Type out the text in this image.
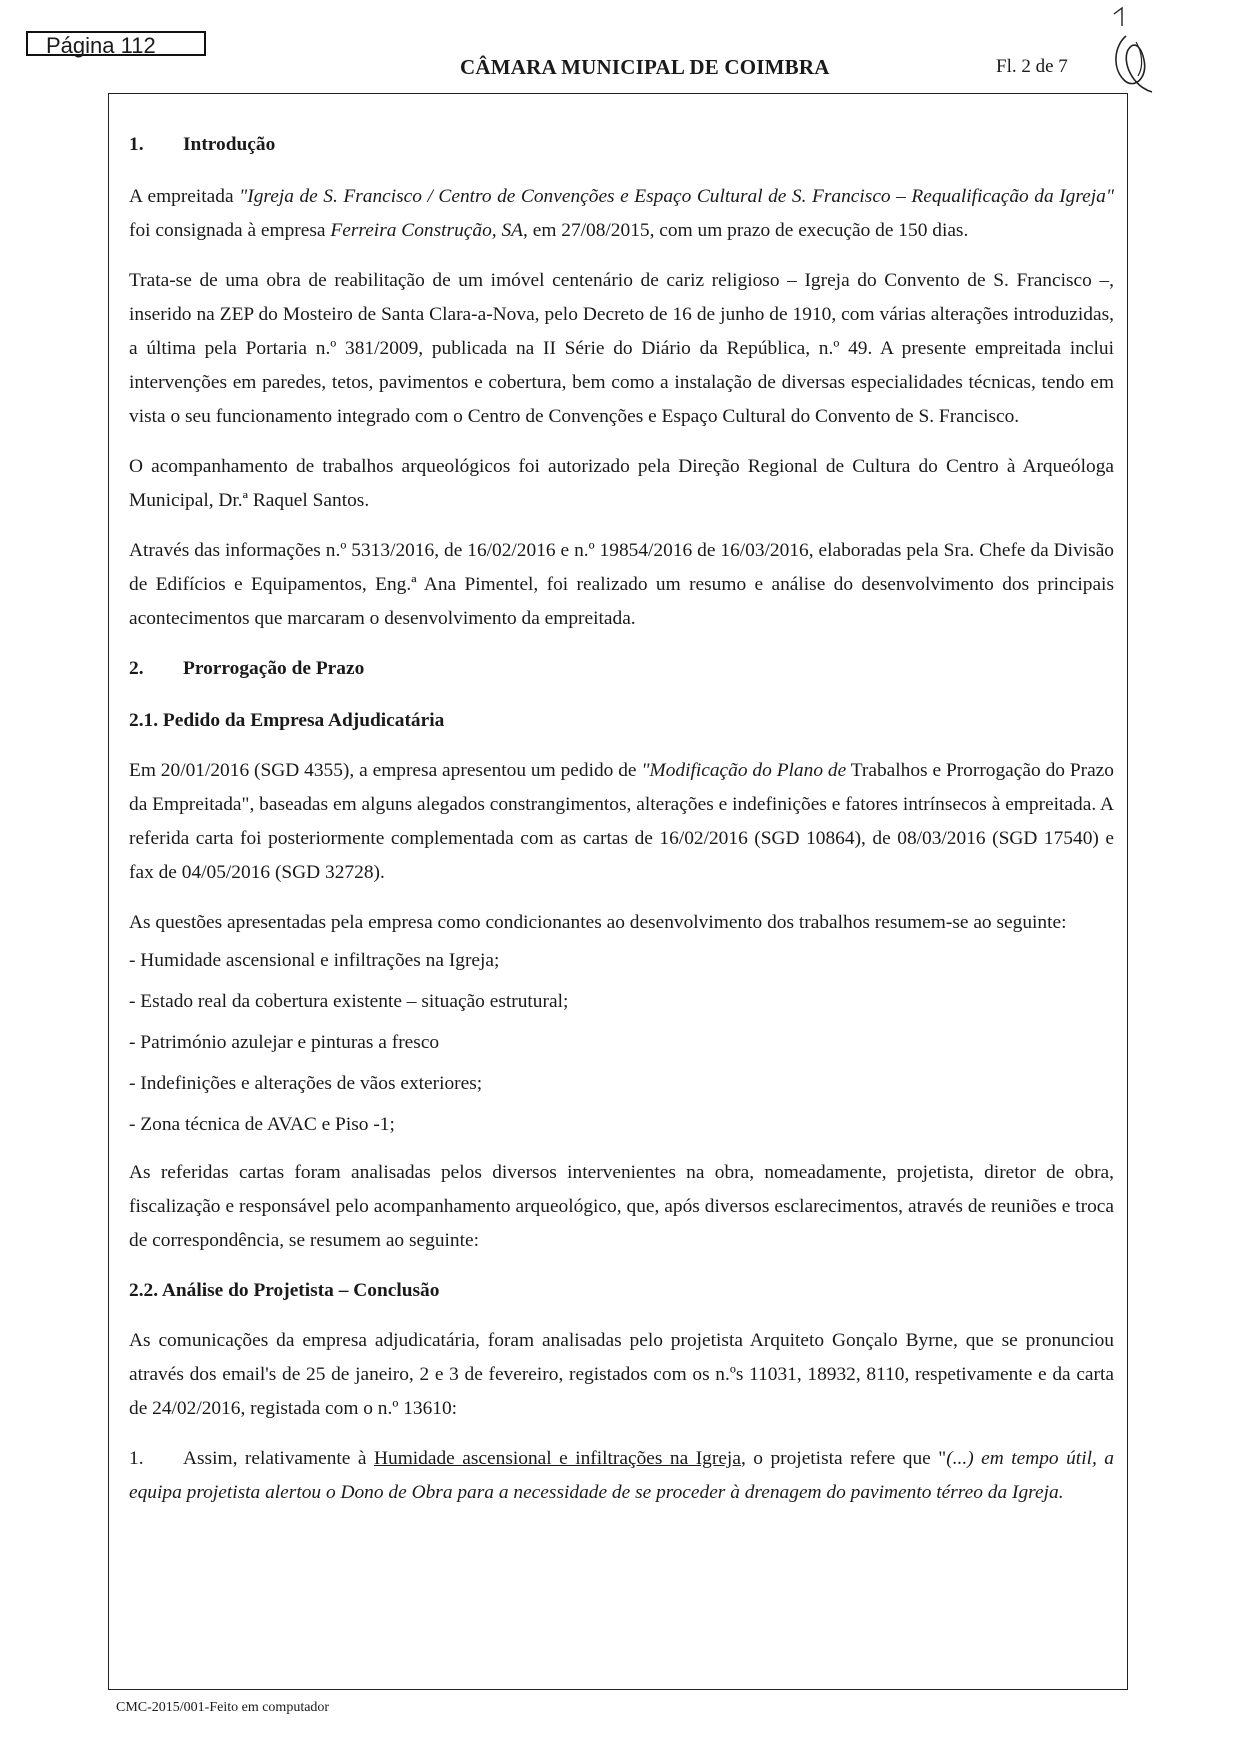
Página 112
CÂMARA MUNICIPAL DE COIMBRA	Fl. 2 de 7
1. Introdução

A empreitada "Igreja de S. Francisco / Centro de Convenções e Espaço Cultural de S. Francisco – Requalificação da Igreja" foi consignada à empresa Ferreira Construção, SA, em 27/08/2015, com um prazo de execução de 150 dias.

Trata-se de uma obra de reabilitação de um imóvel centenário de cariz religioso – Igreja do Convento de S. Francisco –, inserido na ZEP do Mosteiro de Santa Clara-a-Nova, pelo Decreto de 16 de junho de 1910, com várias alterações introduzidas, a última pela Portaria n.º 381/2009, publicada na II Série do Diário da República, n.º 49. A presente empreitada inclui intervenções em paredes, tetos, pavimentos e cobertura, bem como a instalação de diversas especialidades técnicas, tendo em vista o seu funcionamento integrado com o Centro de Convenções e Espaço Cultural do Convento de S. Francisco.

O acompanhamento de trabalhos arqueológicos foi autorizado pela Direção Regional de Cultura do Centro à Arqueóloga Municipal, Dr.ª Raquel Santos.

Através das informações n.º 5313/2016, de 16/02/2016 e n.º 19854/2016 de 16/03/2016, elaboradas pela Sra. Chefe da Divisão de Edifícios e Equipamentos, Eng.ª Ana Pimentel, foi realizado um resumo e análise do desenvolvimento dos principais acontecimentos que marcaram o desenvolvimento da empreitada.

2. Prorrogação de Prazo
2.1. Pedido da Empresa Adjudicatária

Em 20/01/2016 (SGD 4355), a empresa apresentou um pedido de "Modificação do Plano de Trabalhos e Prorrogação do Prazo da Empreitada", baseadas em alguns alegados constrangimentos, alterações e indefinições e fatores intrínsecos à empreitada. A referida carta foi posteriormente complementada com as cartas de 16/02/2016 (SGD 10864), de 08/03/2016 (SGD 17540) e fax de 04/05/2016 (SGD 32728).

As questões apresentadas pela empresa como condicionantes ao desenvolvimento dos trabalhos resumem-se ao seguinte:

- Humidade ascensional e infiltrações na Igreja;
- Estado real da cobertura existente – situação estrutural;
- Património azulejar e pinturas a fresco
- Indefinições e alterações de vãos exteriores;
- Zona técnica de AVAC e Piso -1;

As referidas cartas foram analisadas pelos diversos intervenientes na obra, nomeadamente, projetista, diretor de obra, fiscalização e responsável pelo acompanhamento arqueológico, que, após diversos esclarecimentos, através de reuniões e troca de correspondência, se resumem ao seguinte:

2.2. Análise do Projetista – Conclusão

As comunicações da empresa adjudicatária, foram analisadas pelo projetista Arquiteto Gonçalo Byrne, que se pronunciou através dos email's de 25 de janeiro, 2 e 3 de fevereiro, registados com os n.ºs 11031, 18932, 8110, respetivamente e da carta de 24/02/2016, registada com o n.º 13610:

1. Assim, relativamente à Humidade ascensional e infiltrações na Igreja, o projetista refere que "(...) em tempo útil, a equipa projetista alertou o Dono de Obra para a necessidade de se proceder à drenagem do pavimento térreo da Igreja.

CMC-2015/001-Feito em computador
